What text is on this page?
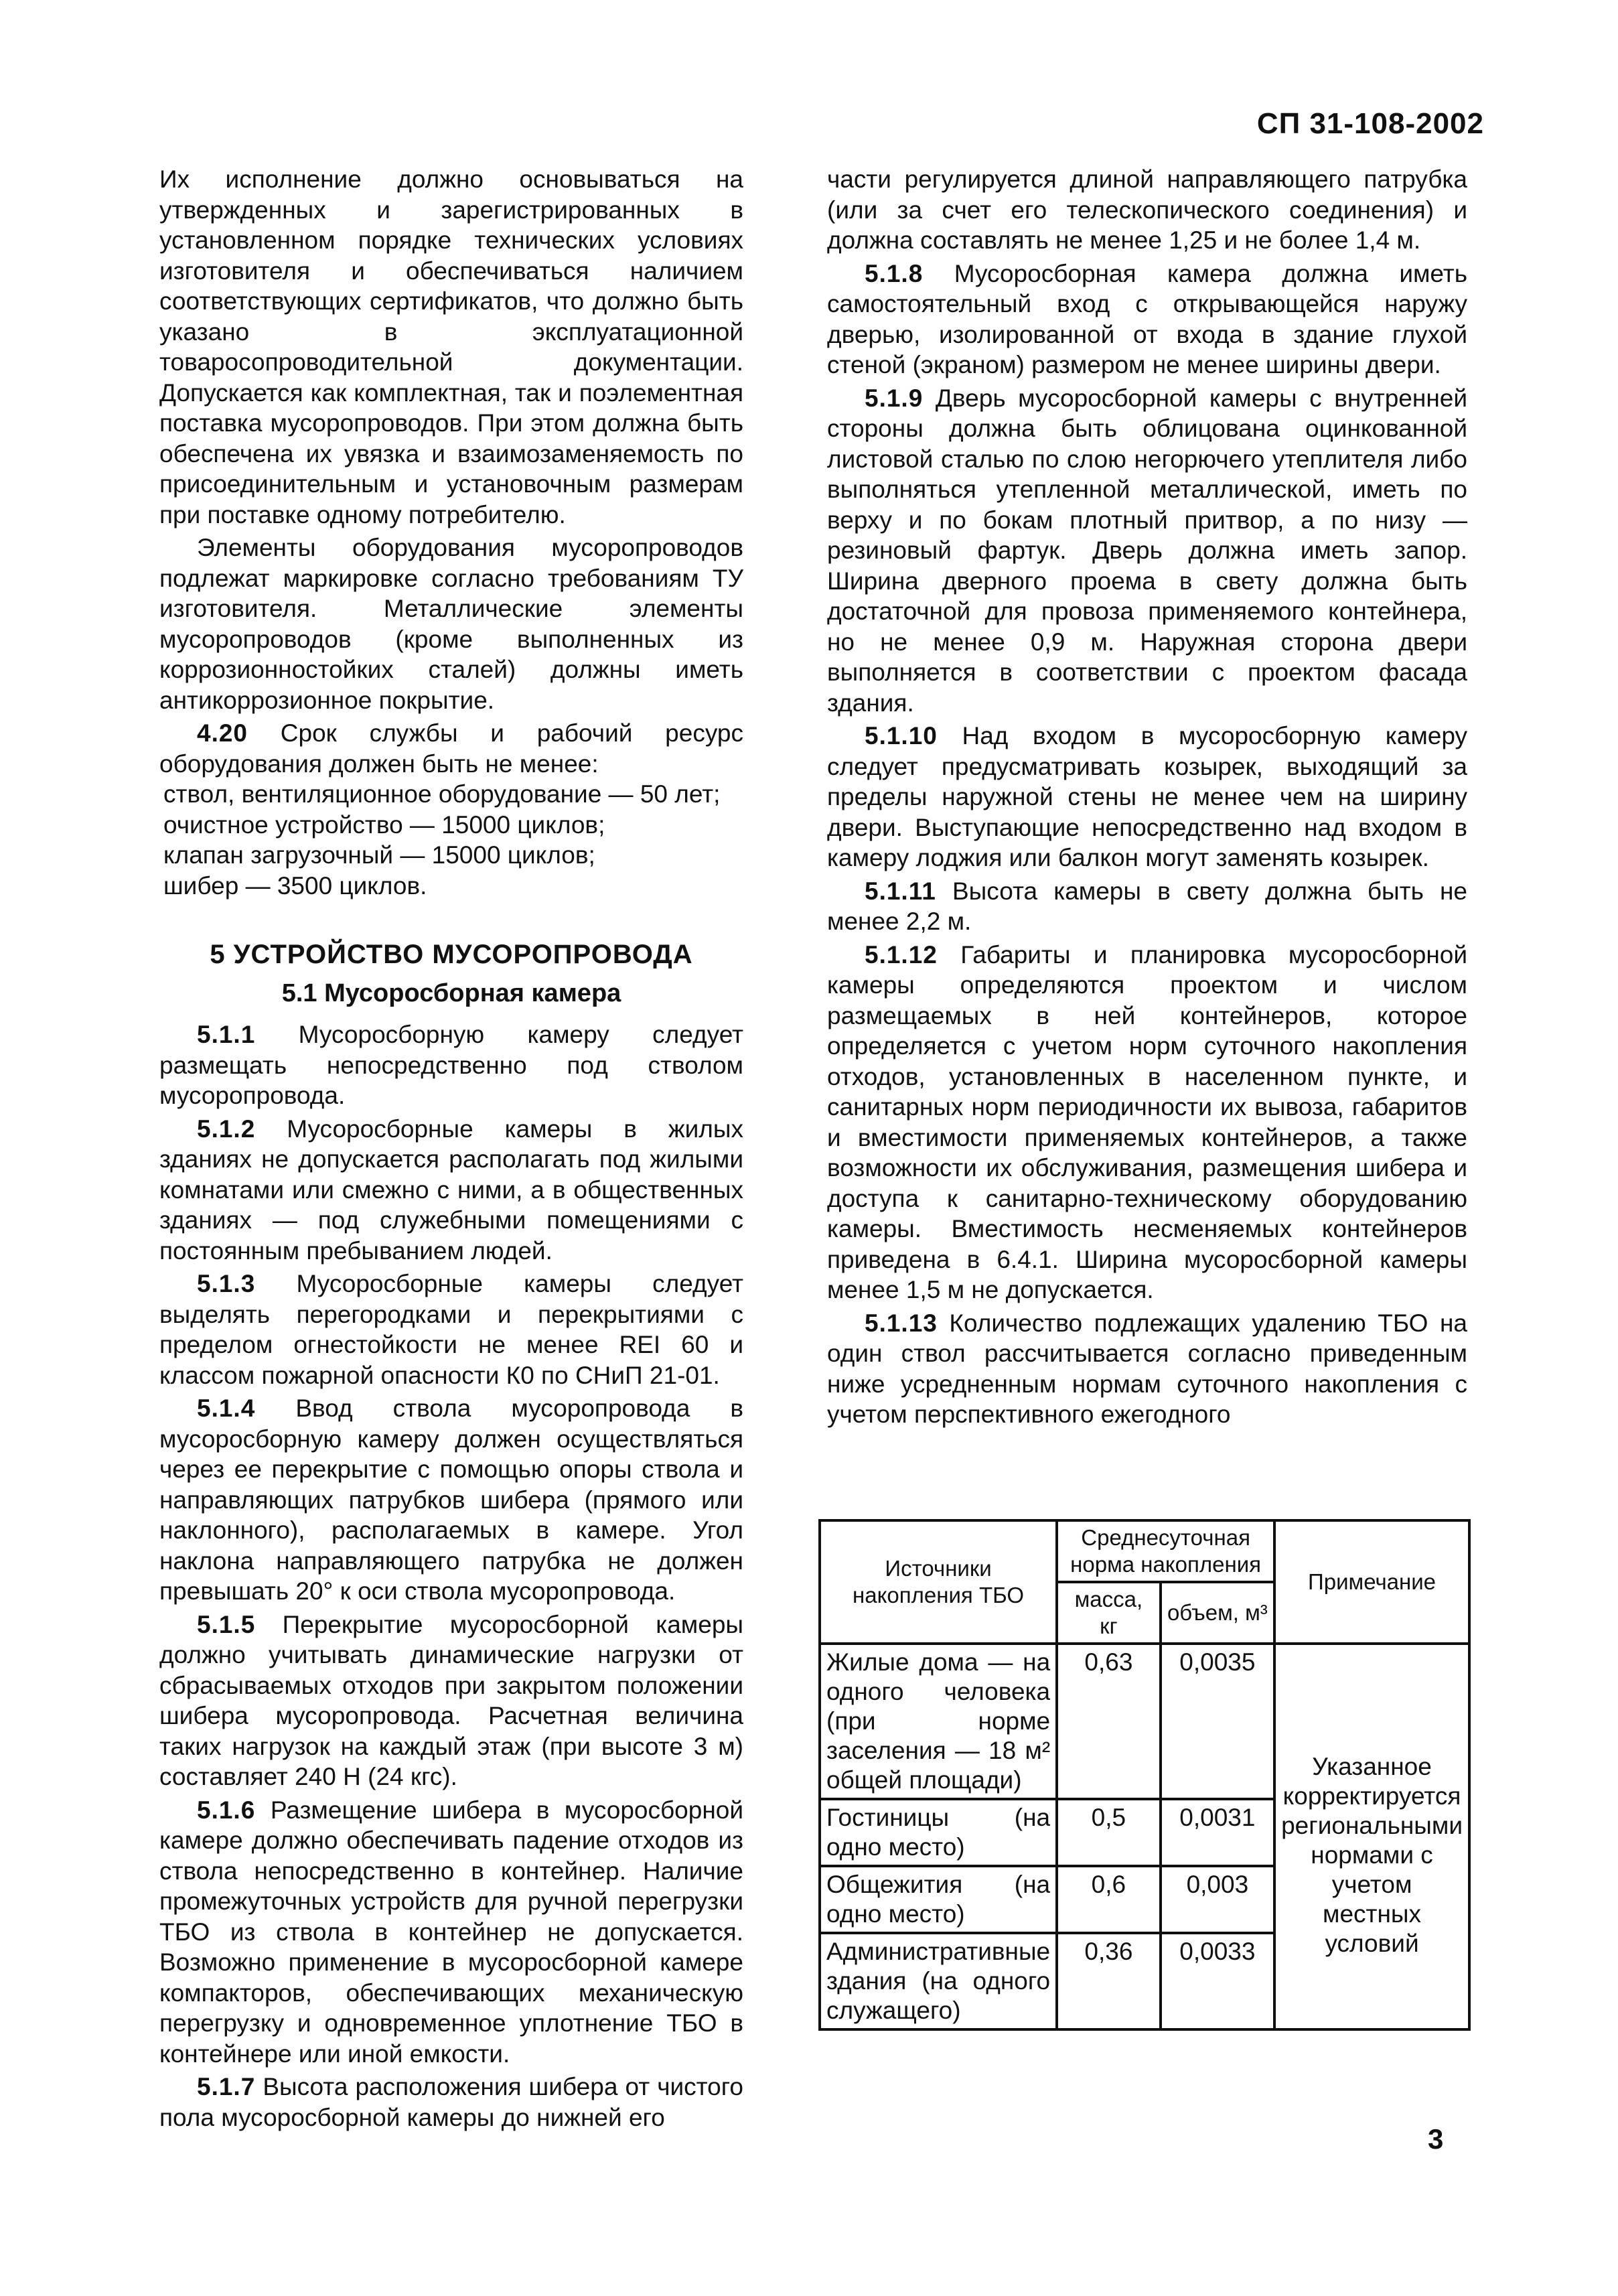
СП 31-108-2002

Их исполнение должно основываться на утвержденных и зарегистрированных в установленном порядке технических условиях изготовителя и обеспечиваться наличием соответствующих сертификатов, что должно быть указано в эксплуатационной товаросопроводительной документации. Допускается как комплектная, так и поэлементная поставка мусоропроводов. При этом должна быть обеспечена их увязка и взаимозаменяемость по присоединительным и установочным размерам при поставке одному потребителю.

Элементы оборудования мусоропроводов подлежат маркировке согласно требованиям ТУ изготовителя. Металлические элементы мусоропроводов (кроме выполненных из коррозионностойких сталей) должны иметь антикоррозионное покрытие.

4.20 Срок службы и рабочий ресурс оборудования должен быть не менее:

ствол, вентиляционное оборудование — 50 лет;
очистное устройство — 15000 циклов;
клапан загрузочный — 15000 циклов;
шибер — 3500 циклов.
5 УСТРОЙСТВО МУСОРОПРОВОДА
5.1 Мусоросборная камера

5.1.1 Мусоросборную камеру следует размещать непосредственно под стволом мусоропровода.

5.1.2 Мусоросборные камеры в жилых зданиях не допускается располагать под жилыми комнатами или смежно с ними, а в общественных зданиях — под служебными помещениями с постоянным пребыванием людей.

5.1.3 Мусоросборные камеры следует выделять перегородками и перекрытиями с пределом огнестойкости не менее REI 60 и классом пожарной опасности К0 по СНиП 21-01.

5.1.4 Ввод ствола мусоропровода в мусоросборную камеру должен осуществляться через ее перекрытие с помощью опоры ствола и направляющих патрубков шибера (прямого или наклонного), располагаемых в камере. Угол наклона направляющего патрубка не должен превышать 20° к оси ствола мусоропровода.

5.1.5 Перекрытие мусоросборной камеры должно учитывать динамические нагрузки от сбрасываемых отходов при закрытом положении шибера мусоропровода. Расчетная величина таких нагрузок на каждый этаж (при высоте 3 м) составляет 240 Н (24 кгс).

5.1.6 Размещение шибера в мусоросборной камере должно обеспечивать падение отходов из ствола непосредственно в контейнер. Наличие промежуточных устройств для ручной перегрузки ТБО из ствола в контейнер не допускается. Возможно применение в мусоросборной камере компакторов, обеспечивающих механическую перегрузку и одновременное уплотнение ТБО в контейнере или иной емкости.

5.1.7 Высота расположения шибера от чистого пола мусоросборной камеры до нижней его

части регулируется длиной направляющего патрубка (или за счет его телескопического соединения) и должна составлять не менее 1,25 и не более 1,4 м.

5.1.8 Мусоросборная камера должна иметь самостоятельный вход с открывающейся наружу дверью, изолированной от входа в здание глухой стеной (экраном) размером не менее ширины двери.

5.1.9 Дверь мусоросборной камеры с внутренней стороны должна быть облицована оцинкованной листовой сталью по слою негорючего утеплителя либо выполняться утепленной металлической, иметь по верху и по бокам плотный притвор, а по низу — резиновый фартук. Дверь должна иметь запор. Ширина дверного проема в свету должна быть достаточной для провоза применяемого контейнера, но не менее 0,9 м. Наружная сторона двери выполняется в соответствии с проектом фасада здания.

5.1.10 Над входом в мусоросборную камеру следует предусматривать козырек, выходящий за пределы наружной стены не менее чем на ширину двери. Выступающие непосредственно над входом в камеру лоджия или балкон могут заменять козырек.

5.1.11 Высота камеры в свету должна быть не менее 2,2 м.

5.1.12 Габариты и планировка мусоросборной камеры определяются проектом и числом размещаемых в ней контейнеров, которое определяется с учетом норм суточного накопления отходов, установленных в населенном пункте, и санитарных норм периодичности их вывоза, габаритов и вместимости применяемых контейнеров, а также возможности их обслуживания, размещения шибера и доступа к санитарно-техническому оборудованию камеры. Вместимость несменяемых контейнеров приведена в 6.4.1. Ширина мусоросборной камеры менее 1,5 м не допускается.

5.1.13 Количество подлежащих удалению ТБО на один ствол рассчитывается согласно приведенным ниже усредненным нормам суточного накопления с учетом перспективного ежегодного

Источники накопления ТБО	Среднесуточная норма накопления		Примечание
	масса, кг	объем, м³	
Жилые дома — на одного человека (при норме заселения — 18 м² общей площади)	0,63	0,0035	Указанное корректируется региональными нормами с учетом местных условий
Гостиницы (на одно место)	0,5	0,0031	
Общежития (на одно место)	0,6	0,003	
Административные здания (на одного служащего)	0,36	0,0033	
3
